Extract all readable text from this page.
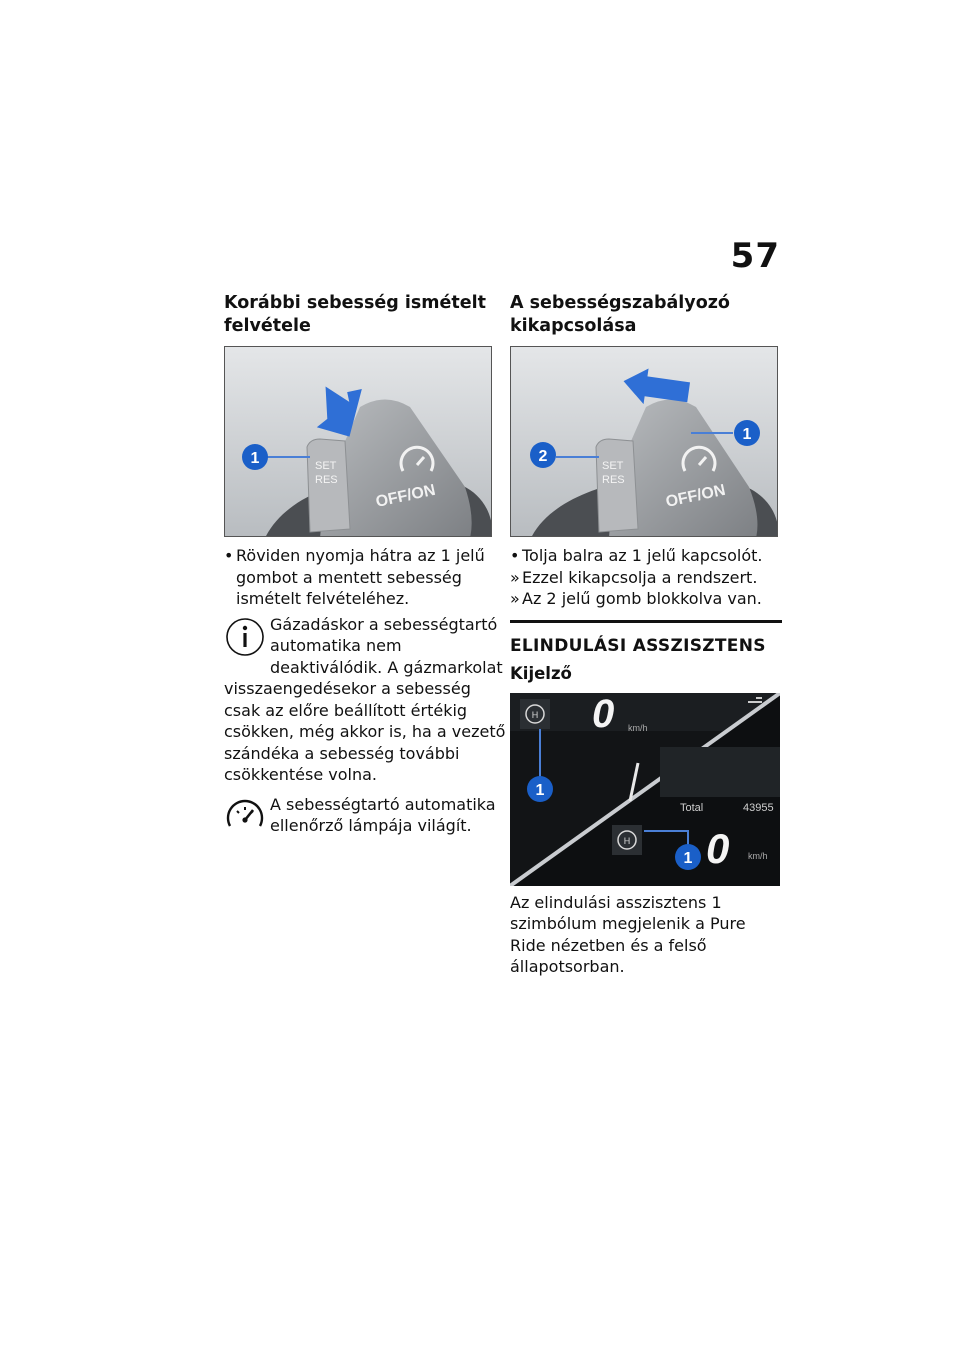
57
Korábbi sebesség ismételt felvétele
SET
RES
OFF/ON
1
• Röviden nyomja hátra az 1 jelű gombot a mentett sebesség ismételt felvételéhez.

Gázadáskor a sebességtartó automatika nem deaktiválódik. A gázmarkolat visszaengedésekor a sebesség csak az előre beállított értékig csökken, még akkor is, ha a vezető szándéka a sebesség további csökkentése volna.

A sebességtartó automatika ellenőrző lámpája világít.

A sebességszabályozó kikapcsolása
SET
RES
OFF/ON
2
1
• Tolja balra az 1 jelű kapcsolót.
» Ezzel kikapcsolja a rendszert.
» Az 2 jelű gomb blokkolva van.
ELINDULÁSI ASSZISZTENS
Kijelző
H 0 km/h
Total	43955
H 0 km/h
1
1

Az elindulási asszisztens 1 szimbólum megjelenik a Pure Ride nézetben és a felső állapotsorban.
